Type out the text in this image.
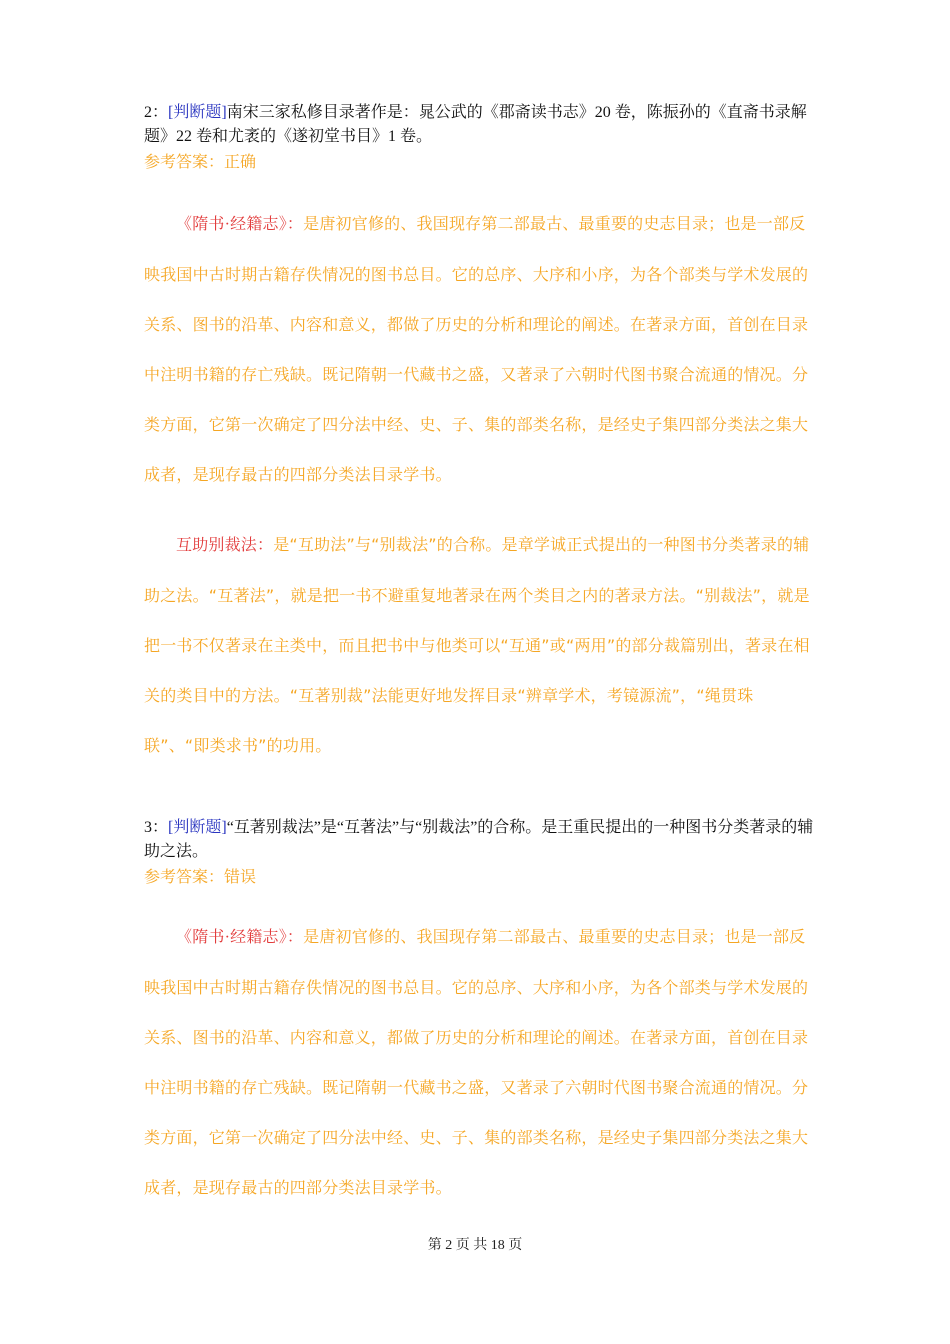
2：[判断题]南宋三家私修目录著作是：晁公武的《郡斋读书志》20 卷，陈振孙的《直斋书录解题》22 卷和尤袤的《遂初堂书目》1 卷。
参考答案：正确
《隋书·经籍志》：是唐初官修的、我国现存第二部最古、最重要的史志目录；也是一部反映我国中古时期古籍存佚情况的图书总目。它的总序、大序和小序，为各个部类与学术发展的关系、图书的沿革、内容和意义，都做了历史的分析和理论的阐述。在著录方面，首创在目录中注明书籍的存亡残缺。既记隋朝一代藏书之盛，又著录了六朝时代图书聚合流通的情况。分类方面，它第一次确定了四分法中经、史、子、集的部类名称，是经史子集四部分类法之集大成者，是现存最古的四部分类法目录学书。
互助别裁法：是“互助法”与“别裁法”的合称。是章学诚正式提出的一种图书分类著录的辅助之法。“互著法”，就是把一书不避重复地著录在两个类目之内的著录方法。“别裁法”，就是把一书不仅著录在主类中，而且把书中与他类可以“互通”或“两用”的部分裁篇别出，著录在相关的类目中的方法。“互著别裁”法能更好地发挥目录“辨章学术，考镜源流”，“绳贯珠联”、“即类求书”的功用。
3：[判断题]“互著别裁法”是“互著法”与“别裁法”的合称。是王重民提出的一种图书分类著录的辅助之法。
参考答案：错误
《隋书·经籍志》：是唐初官修的、我国现存第二部最古、最重要的史志目录；也是一部反映我国中古时期古籍存佚情况的图书总目。它的总序、大序和小序，为各个部类与学术发展的关系、图书的沿革、内容和意义，都做了历史的分析和理论的阐述。在著录方面，首创在目录中注明书籍的存亡残缺。既记隋朝一代藏书之盛，又著录了六朝时代图书聚合流通的情况。分类方面，它第一次确定了四分法中经、史、子、集的部类名称，是经史子集四部分类法之集大成者，是现存最古的四部分类法目录学书。
第 2 页 共 18 页
